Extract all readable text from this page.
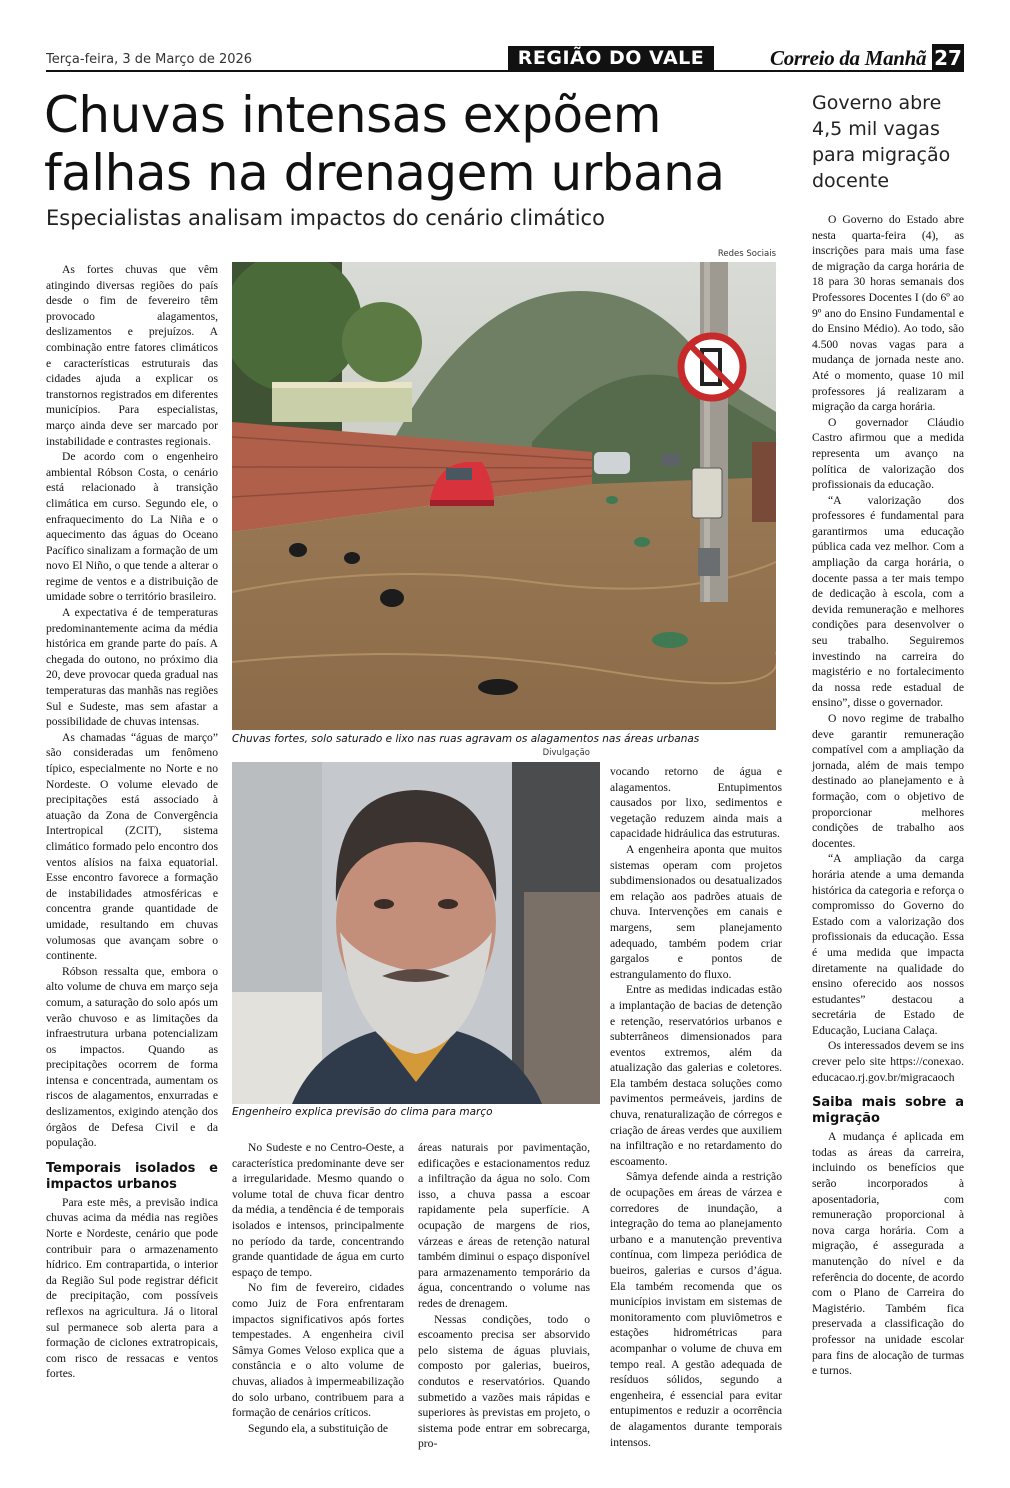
Terça-feira, 3 de Março de 2026	REGIÃO DO VALE	Correio da Manhã 27
Chuvas intensas expõem falhas na drenagem urbana
Especialistas analisam impactos do cenário climático

As fortes chuvas que vêm atingindo diversas regiões do país desde o fim de fevereiro têm provocado alagamentos, deslizamentos e prejuízos. A combinação entre fatores climáticos e características estruturais das cidades ajuda a explicar os transtornos registrados em diferentes municípios. Para especialistas, março ainda deve ser marcado por instabilidade e contrastes regionais.

De acordo com o engenheiro ambiental Róbson Costa, o cenário está relacionado à transição climática em curso. Segundo ele, o enfraquecimento do La Niña e o aquecimento das águas do Oceano Pacífico sinalizam a formação de um novo El Niño, o que tende a alterar o regime de ventos e a distribuição de umidade sobre o território brasileiro.

A expectativa é de temperaturas predominantemente acima da média histórica em grande parte do país. A chegada do outono, no próximo dia 20, deve provocar queda gradual nas temperaturas das manhãs nas regiões Sul e Sudeste, mas sem afastar a possibilidade de chuvas intensas.

As chamadas “águas de março” são consideradas um fenômeno típico, especialmente no Norte e no Nordeste. O volume elevado de precipitações está associado à atuação da Zona de Convergência Intertropical (ZCIT), sistema climático formado pelo encontro dos ventos alísios na faixa equatorial. Esse encontro favorece a formação de instabilidades atmosféricas e concentra grande quantidade de umidade, resultando em chuvas volumosas que avançam sobre o continente.

Róbson ressalta que, embora o alto volume de chuva em março seja comum, a saturação do solo após um verão chuvoso e as limitações da infraestrutura urbana potencializam os impactos. Quando as precipitações ocorrem de forma intensa e concentrada, aumentam os riscos de alagamentos, enxurradas e deslizamentos, exigindo atenção dos órgãos de Defesa Civil e da população.

Temporais isolados e impactos urbanos

Para este mês, a previsão indica chuvas acima da média nas regiões Norte e Nordeste, cenário que pode contribuir para o armazenamento hídrico. Em contrapartida, o interior da Região Sul pode registrar déficit de precipitação, com possíveis reflexos na agricultura. Já o litoral sul permanece sob alerta para a formação de ciclones extratropicais, com risco de ressacas e ventos fortes.

Redes Sociais
Chuvas fortes, solo saturado e lixo nas ruas agravam os alagamentos nas áreas urbanas
Divulgação
Engenheiro explica previsão do clima para março

No Sudeste e no Centro-Oeste, a característica predominante deve ser a irregularidade. Mesmo quando o volume total de chuva ficar dentro da média, a tendência é de temporais isolados e intensos, principalmente no período da tarde, concentrando grande quantidade de água em curto espaço de tempo.

No fim de fevereiro, cidades como Juiz de Fora enfrentaram impactos significativos após fortes tempestades. A engenheira civil Sâmya Gomes Veloso explica que a constância e o alto volume de chuvas, aliados à impermeabilização do solo urbano, contribuem para a formação de cenários críticos.

Segundo ela, a substituição de

áreas naturais por pavimentação, edificações e estacionamentos reduz a infiltração da água no solo. Com isso, a chuva passa a escoar rapidamente pela superfície. A ocupação de margens de rios, várzeas e áreas de retenção natural também diminui o espaço disponível para armazenamento temporário da água, concentrando o volume nas redes de drenagem.

Nessas condições, todo o escoamento precisa ser absorvido pelo sistema de águas pluviais, composto por galerias, bueiros, condutos e reservatórios. Quando submetido a vazões mais rápidas e superiores às previstas em projeto, o sistema pode entrar em sobrecarga, pro-

vocando retorno de água e alagamentos. Entupimentos causados por lixo, sedimentos e vegetação reduzem ainda mais a capacidade hidráulica das estruturas.

A engenheira aponta que muitos sistemas operam com projetos subdimensionados ou desatualizados em relação aos padrões atuais de chuva. Intervenções em canais e margens, sem planejamento adequado, também podem criar gargalos e pontos de estrangulamento do fluxo.

Entre as medidas indicadas estão a implantação de bacias de detenção e retenção, reservatórios urbanos e subterrâneos dimensionados para eventos extremos, além da atualização das galerias e coletores. Ela também destaca soluções como pavimentos permeáveis, jardins de chuva, renaturalização de córregos e criação de áreas verdes que auxiliem na infiltração e no retardamento do escoamento.

Sâmya defende ainda a restrição de ocupações em áreas de várzea e corredores de inundação, a integração do tema ao planejamento urbano e a manutenção preventiva contínua, com limpeza periódica de bueiros, galerias e cursos d’água. Ela também recomenda que os municípios invistam em sistemas de monitoramento com pluviômetros e estações hidrométricas para acompanhar o volume de chuva em tempo real. A gestão adequada de resíduos sólidos, segundo a engenheira, é essencial para evitar entupimentos e reduzir a ocorrência de alagamentos durante temporais intensos.

Governo abre 4,5 mil vagas para migração docente

O Governo do Estado abre nesta quarta-feira (4), as inscrições para mais uma fase de migração da carga horária de 18 para 30 horas semanais dos Professores Docentes I (do 6º ao 9º ano do Ensino Fundamental e do Ensino Médio). Ao todo, são 4.500 novas vagas para a mudança de jornada neste ano. Até o momento, quase 10 mil professores já realizaram a migração da carga horária.

O governador Cláudio Castro afirmou que a medida representa um avanço na política de valorização dos profissionais da educação.

“A valorização dos professores é fundamental para garantirmos uma educação pública cada vez melhor. Com a ampliação da carga horária, o docente passa a ter mais tempo de dedicação à escola, com a devida remuneração e melhores condições para desenvolver o seu trabalho. Seguiremos investindo na carreira do magistério e no fortalecimento da nossa rede estadual de ensino”, disse o governador.

O novo regime de trabalho deve garantir remuneração compatível com a ampliação da jornada, além de mais tempo destinado ao planejamento e à formação, com o objetivo de proporcionar melhores condições de trabalho aos docentes.

“A ampliação da carga horária atende a uma demanda histórica da categoria e reforça o compromisso do Governo do Estado com a valorização dos profissionais da educação. Essa é uma medida que impacta diretamente na qualidade do ensino oferecido aos nossos estudantes” destacou a secretária de Estado de Educação, Luciana Calaça.

Os interessados devem se inscrever pelo site https://conexao.educacao.rj.gov.br/migracaoch

Saiba mais sobre a migração

A mudança é aplicada em todas as áreas da carreira, incluindo os benefícios que serão incorporados à aposentadoria, com remuneração proporcional à nova carga horária. Com a migração, é assegurada a manutenção do nível e da referência do docente, de acordo com o Plano de Carreira do Magistério. Também fica preservada a classificação do professor na unidade escolar para fins de alocação de turmas e turnos.
